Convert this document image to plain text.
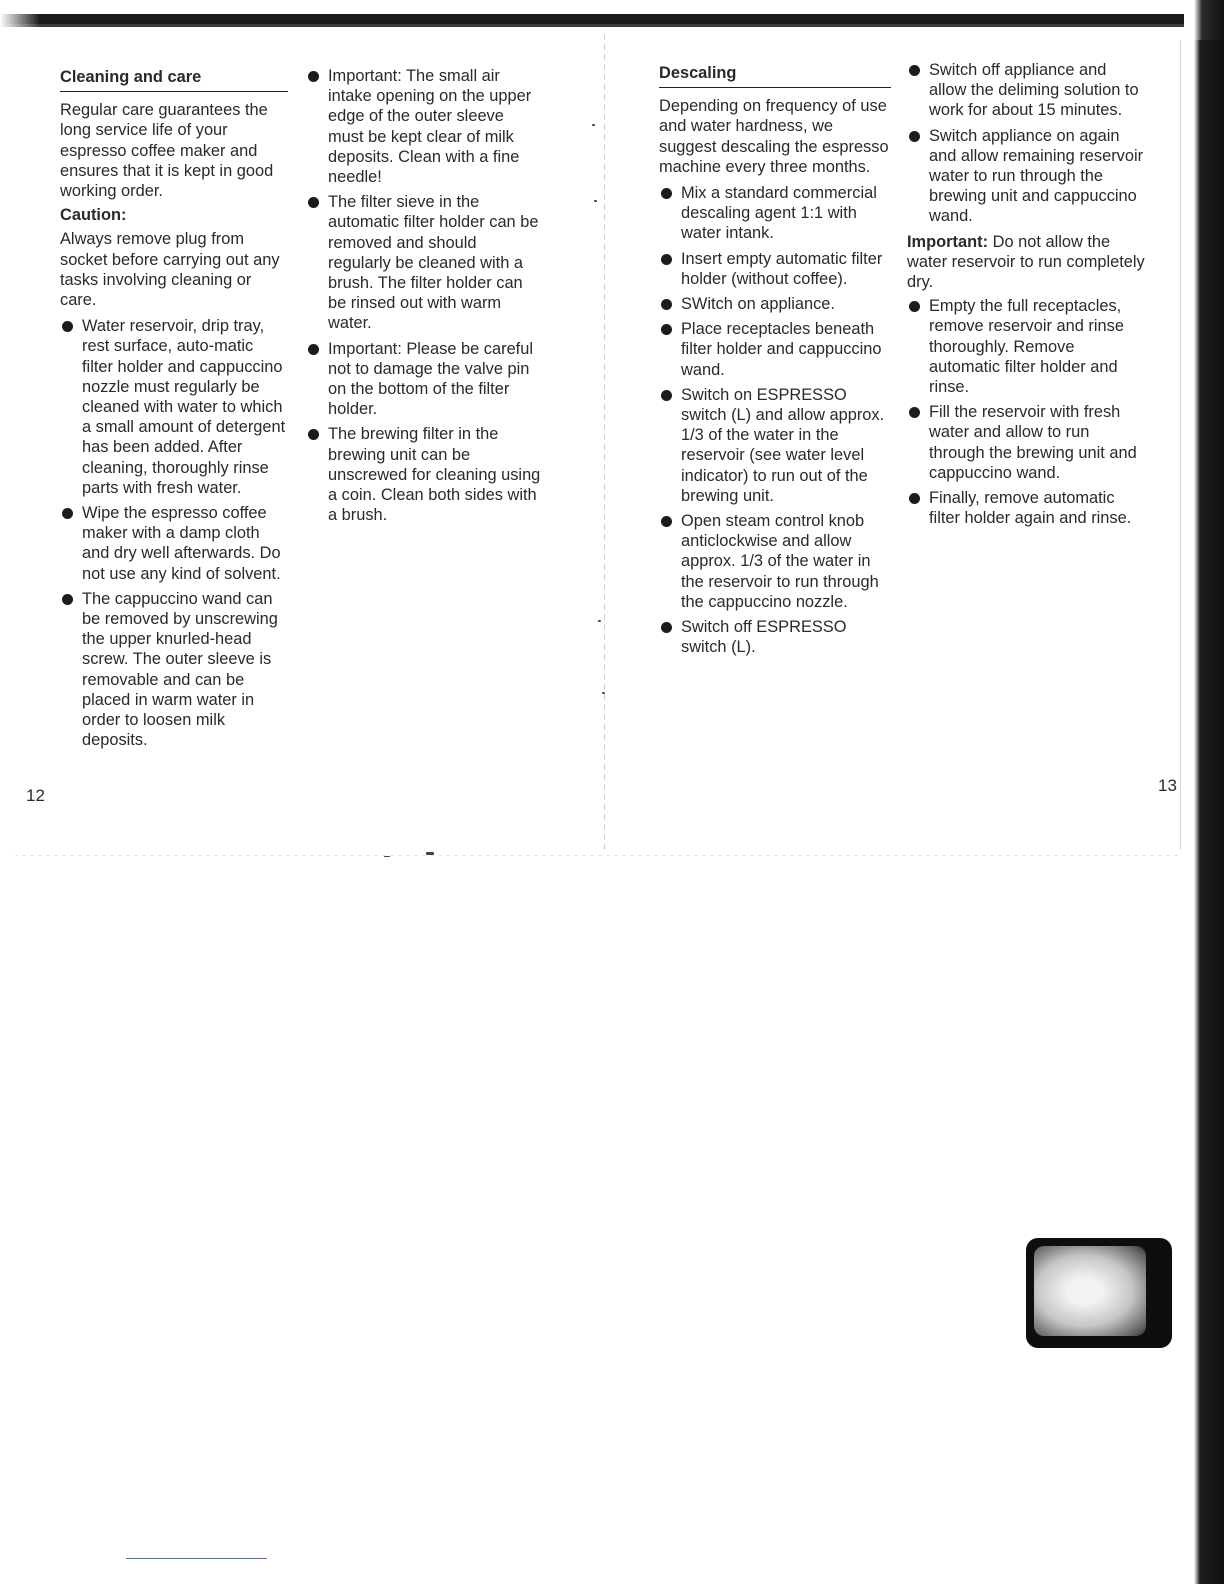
Cleaning and care

Regular care guarantees the long service life of your espresso coffee maker and ensures that it is kept in good working order.

Caution:

Always remove plug from socket before carrying out any tasks involving cleaning or care.

Water reservoir, drip tray, rest surface, auto-matic filter holder and cappuccino nozzle must regularly be cleaned with water to which a small amount of detergent has been added. After cleaning, thoroughly rinse parts with fresh water.
Wipe the espresso coffee maker with a damp cloth and dry well afterwards. Do not use any kind of solvent.
The cappuccino wand can be removed by unscrewing the upper knurled-head screw. The outer sleeve is removable and can be placed in warm water in order to loosen milk deposits.
Important: The small air intake opening on the upper edge of the outer sleeve must be kept clear of milk deposits. Clean with a fine needle!
The filter sieve in the automatic filter holder can be removed and should regularly be cleaned with a brush. The filter holder can be rinsed out with warm water.
Important: Please be careful not to damage the valve pin on the bottom of the filter holder.
The brewing filter in the brewing unit can be unscrewed for cleaning using a coin. Clean both sides with a brush.
12
Descaling

Depending on frequency of use and water hardness, we suggest descaling the espresso machine every three months.

Mix a standard commercial descaling agent 1:1 with water intank.
Insert empty automatic filter holder (without coffee).
SWitch on appliance.
Place receptacles beneath filter holder and cappuccino wand.
Switch on ESPRESSO switch (L) and allow approx. 1/3 of the water in the reservoir (see water level indicator) to run out of the brewing unit.
Open steam control knob anticlockwise and allow approx. 1/3 of the water in the reservoir to run through the cappuccino nozzle.
Switch off ESPRESSO switch (L).
Switch off appliance and allow the deliming solution to work for about 15 minutes.
Switch appliance on again and allow remaining reservoir water to run through the brewing unit and cappuccino wand.

Important: Do not allow the water reservoir to run completely dry.

Empty the full receptacles, remove reservoir and rinse thoroughly. Remove automatic filter holder and rinse.
Fill the reservoir with fresh water and allow to run through the brewing unit and cappuccino wand.
Finally, remove automatic filter holder again and rinse.
13
